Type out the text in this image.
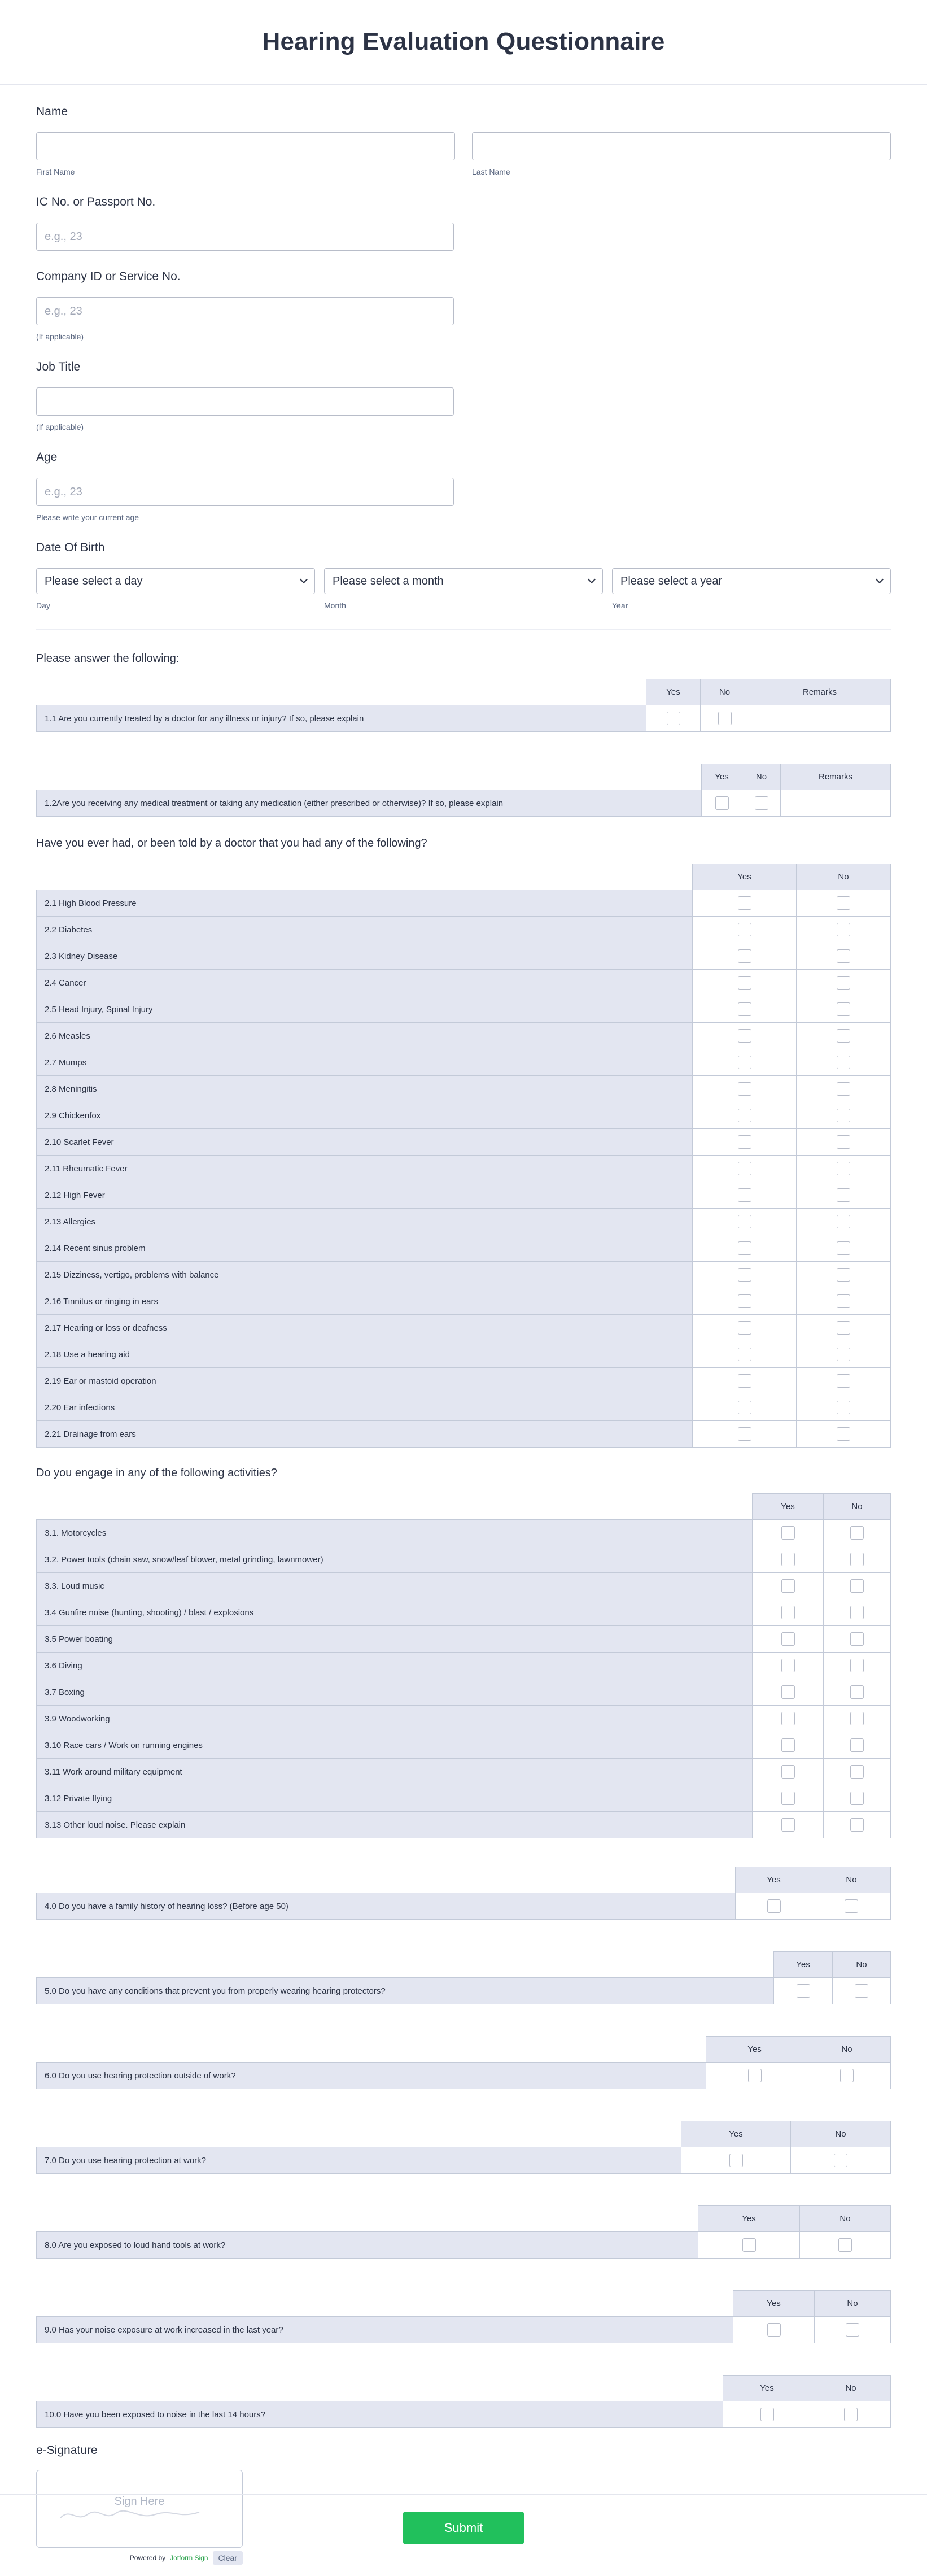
Hearing Evaluation Questionnaire
Name
First Name	Last Name
IC No. or Passport No.
e.g., 23
Company ID or Service No.
e.g., 23
(If applicable)
Job Title
(If applicable)
Age
e.g., 23
Please write your current age
Date Of Birth
Please select a day
Day
Please select a month
Month
Please select a year
Year
Please answer the following:
	Yes	No	Remarks
1.1 Are you currently treated by a doctor for any illness or injury? If so, please explain			
	Yes	No	Remarks
1.2Are you receiving any medical treatment or taking any medication (either prescribed or otherwise)? If so, please explain			
Have you ever had, or been told by a doctor that you had any of the following?
	Yes	No
2.1 High Blood Pressure		
2.2 Diabetes		
2.3 Kidney Disease		
2.4 Cancer		
2.5 Head Injury, Spinal Injury		
2.6 Measles		
2.7 Mumps		
2.8 Meningitis		
2.9 Chickenfox		
2.10 Scarlet Fever		
2.11 Rheumatic Fever		
2.12 High Fever		
2.13 Allergies		
2.14 Recent sinus problem		
2.15 Dizziness, vertigo, problems with balance		
2.16 Tinnitus or ringing in ears		
2.17 Hearing or loss or deafness		
2.18 Use a hearing aid		
2.19 Ear or mastoid operation		
2.20 Ear infections		
2.21 Drainage from ears		
Do you engage in any of the following activities?
	Yes	No
3.1. Motorcycles		
3.2. Power tools (chain saw, snow/leaf blower, metal grinding, lawnmower)		
3.3. Loud music		
3.4 Gunfire noise (hunting, shooting) / blast / explosions		
3.5 Power boating		
3.6 Diving		
3.7 Boxing		
3.9 Woodworking		
3.10 Race cars / Work on running engines		
3.11 Work around military equipment		
3.12 Private flying		
3.13 Other loud noise. Please explain		
	Yes	No
4.0 Do you have a family history of hearing loss? (Before age 50)		
	Yes	No
5.0 Do you have any conditions that prevent you from properly wearing hearing protectors?		
	Yes	No
6.0 Do you use hearing protection outside of work?		
	Yes	No
7.0 Do you use hearing protection at work?		
	Yes	No
8.0 Are you exposed to loud hand tools at work?		
	Yes	No
9.0 Has your noise exposure at work increased in the last year?		
	Yes	No
10.0 Have you been exposed to noise in the last 14 hours?		
e-Signature
Sign Here
Powered by Jotform Sign	Clear
Submit
